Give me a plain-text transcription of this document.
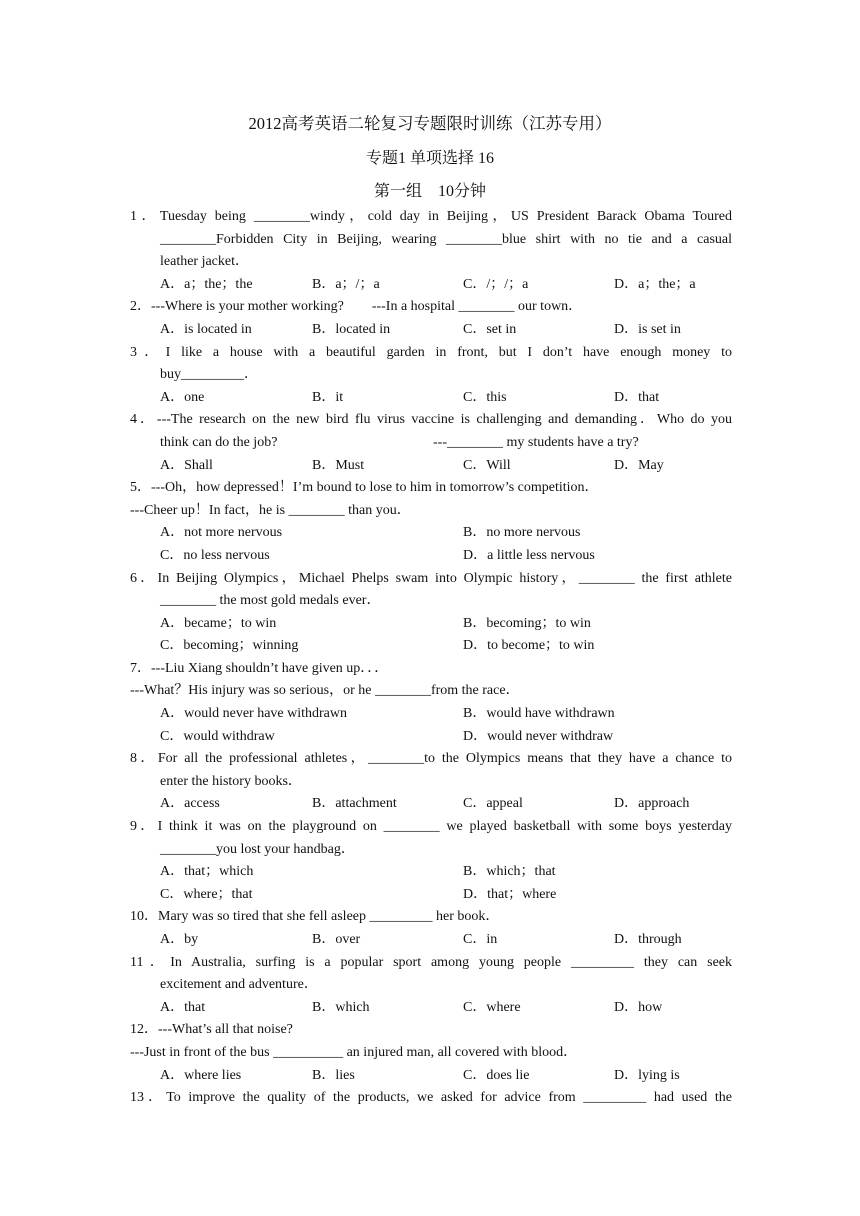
2012高考英语二轮复习专题限时训练（江苏专用）
专题1 单项选择 16
第一组　10分钟
1．Tuesday being ________windy，cold day in Beijing，US President Barack Obama Toured
________Forbidden City in Beijing, wearing ________blue shirt with no tie and a casual
leather jacket．
A．a；the；the	B．a；/；a	C．/；/；a	D．a；the；a
2．---Where is your mother working?　　---In a hospital ________ our town．
A．is located in	B．located in	C．set in	D．is set in
3．I like a house with a beautiful garden in front, but I don’t have enough money to
buy_________．
A．one	B．it	C．this	D．that
4．---The research on the new bird flu virus vaccine is challenging and demanding．Who do you
think can do the job?	---________ my students have a try?
A．Shall	B．Must	C．Will	D．May
5．---Oh，how depressed！I’m bound to lose to him in tomorrow’s competition．
---Cheer up！In fact，he is ________ than you．
A．not more nervous	B．no more nervous
C．no less nervous	D．a little less nervous
6．In Beijing Olympics，Michael Phelps swam into Olympic history，________ the first athlete
________ the most gold medals ever．
A．became；to win	B．becoming；to win
C．becoming；winning	D．to become；to win
7．---Liu Xiang shouldn’t have given up．．．
---What？His injury was so serious，or he ________from the race．
A．would never have withdrawn	B．would have withdrawn
C．would withdraw	D．would never withdraw
8．For all the professional athletes，________to the Olympics means that they have a chance to
enter the history books．
A．access	B．attachment	C．appeal	D．approach
9．I think it was on the playground on ________ we played basketball with some boys yesterday
________you lost your handbag．
A．that；which	B．which；that
C．where；that	D．that；where
10．Mary was so tired that she fell asleep _________ her book．
A．by	B．over	C．in	D．through
11．In Australia, surfing is a popular sport among young people _________ they can seek
excitement and adventure．
A．that	B．which	C．where	D．how
12．---What’s all that noise?
---Just in front of the bus __________ an injured man, all covered with blood．
A．where lies	B．lies	C．does lie	D．lying is
13．To improve the quality of the products, we asked for advice from _________ had used the
